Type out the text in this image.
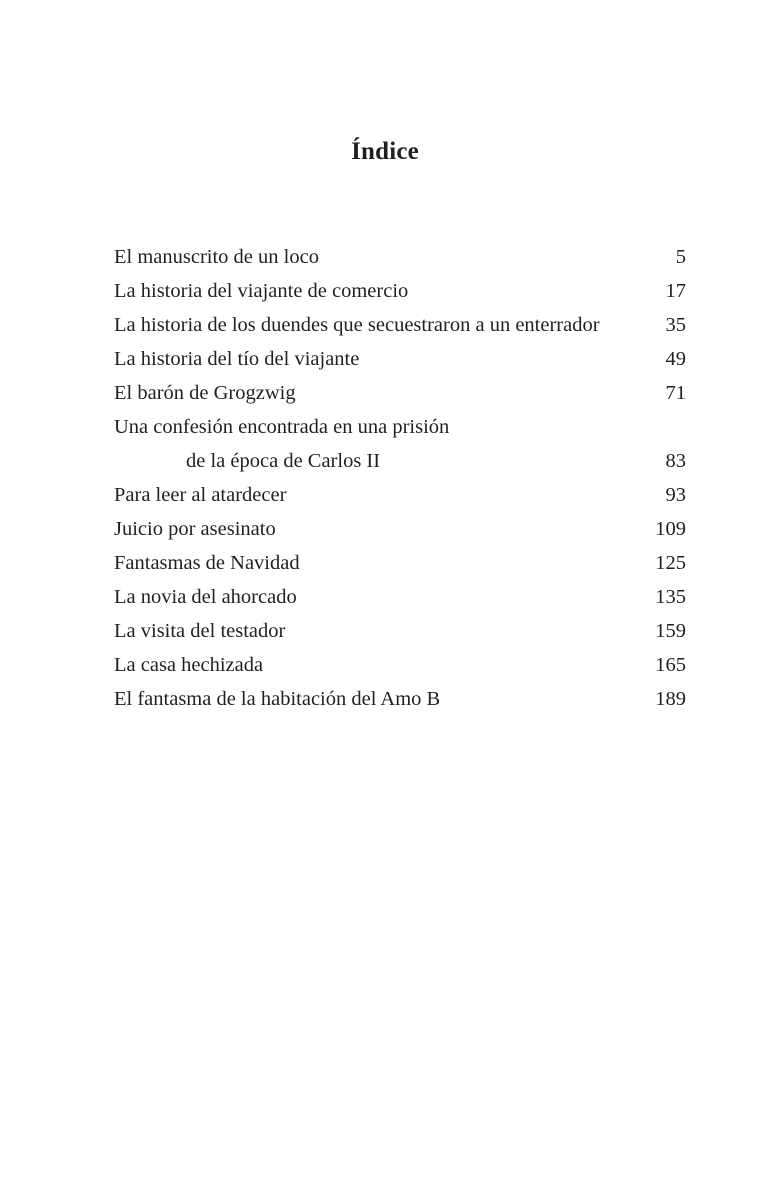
Índice
El manuscrito de un loco	5
La historia del viajante de comercio	17
La historia de los duendes que secuestraron a un enterrador	35
La historia del tío del viajante	49
El barón de Grogzwig	71
Una confesión encontrada en una prisión
de la época de Carlos II	83
Para leer al atardecer	93
Juicio por asesinato	109
Fantasmas de Navidad	125
La novia del ahorcado	135
La visita del testador	159
La casa hechizada	165
El fantasma de la habitación del Amo B	189
